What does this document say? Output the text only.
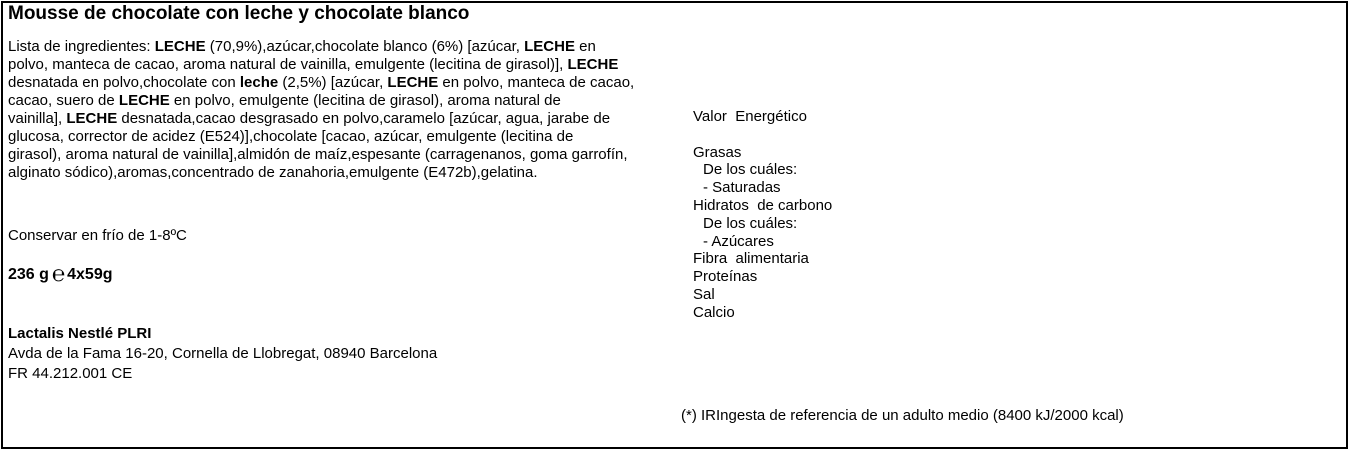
Mousse de chocolate con leche y chocolate blanco
Lista de ingredientes: LECHE (70,9%),azúcar,chocolate blanco (6%) [azúcar, LECHE en
polvo, manteca de cacao, aroma natural de vainilla, emulgente (lecitina de girasol)], LECHE
desnatada en polvo,chocolate con leche (2,5%) [azúcar, LECHE en polvo, manteca de cacao,
cacao, suero de LECHE en polvo, emulgente (lecitina de girasol), aroma natural de
vainilla], LECHE desnatada,cacao desgrasado en polvo,caramelo [azúcar, agua, jarabe de
glucosa, corrector de acidez (E524)],chocolate [cacao, azúcar, emulgente (lecitina de
girasol), aroma natural de vainilla],almidón de maíz,espesante (carragenanos, goma garrofín,
alginato sódico),aromas,concentrado de zanahoria,emulgente (E472b),gelatina.
Conservar en frío de 1-8ºC
236 g ℮ 4x59g
Lactalis Nestlé PLRI
Avda de la Fama 16-20, Cornella de Llobregat, 08940 Barcelona
FR 44.212.001 CE
Valor  Energético
Grasas
De los cuáles:
- Saturadas
Hidratos  de carbono
De los cuáles:
- Azúcares
Fibra  alimentaria
Proteínas
Sal
Calcio
(*) IRIngesta de referencia de un adulto medio (8400 kJ/2000 kcal)
